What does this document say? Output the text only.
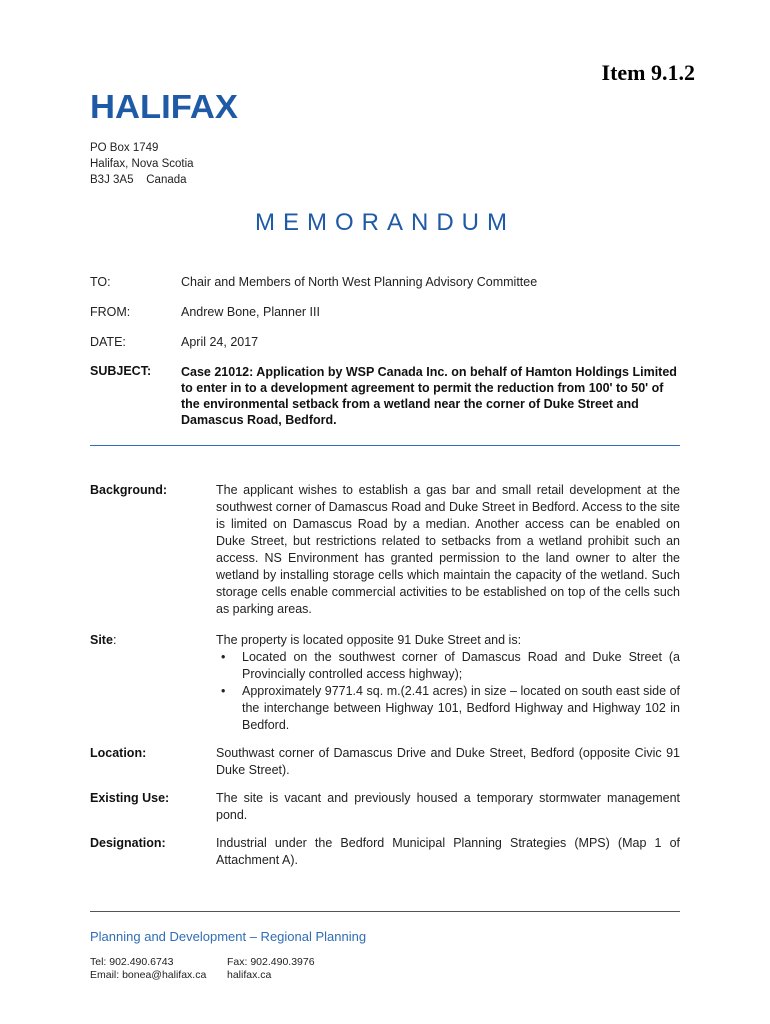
Item 9.1.2
HALIFAX
PO Box 1749
Halifax, Nova Scotia
B3J 3A5    Canada
MEMORANDUM
TO:	Chair and Members of North West Planning Advisory Committee
FROM:	Andrew Bone, Planner III
DATE:	April 24, 2017
SUBJECT: Case 21012: Application by WSP Canada Inc. on behalf of Hamton Holdings Limited to enter in to a development agreement to permit the reduction from 100' to 50' of the environmental setback from a wetland near the corner of Duke Street and Damascus Road, Bedford.
Background:	The applicant wishes to establish a gas bar and small retail development at the southwest corner of Damascus Road and Duke Street in Bedford. Access to the site is limited on Damascus Road by a median. Another access can be enabled on Duke Street, but restrictions related to setbacks from a wetland prohibit such an access. NS Environment has granted permission to the land owner to alter the wetland by installing storage cells which maintain the capacity of the wetland. Such storage cells enable commercial activities to be established on top of the cells such as parking areas.
Site:	The property is located opposite 91 Duke Street and is:
• Located on the southwest corner of Damascus Road and Duke Street (a Provincially controlled access highway);
• Approximately 9771.4 sq. m.(2.41 acres) in size – located on south east side of the interchange between Highway 101, Bedford Highway and Highway 102 in Bedford.
Location:	Southwast corner of Damascus Drive and Duke Street, Bedford (opposite Civic 91 Duke Street).
Existing Use:	The site is vacant and previously housed a temporary stormwater management pond.
Designation:	Industrial under the Bedford Municipal Planning Strategies (MPS) (Map 1 of Attachment A).
Planning and Development – Regional Planning
Tel: 902.490.6743
Email: bonea@halifax.ca
Fax: 902.490.3976
halifax.ca
